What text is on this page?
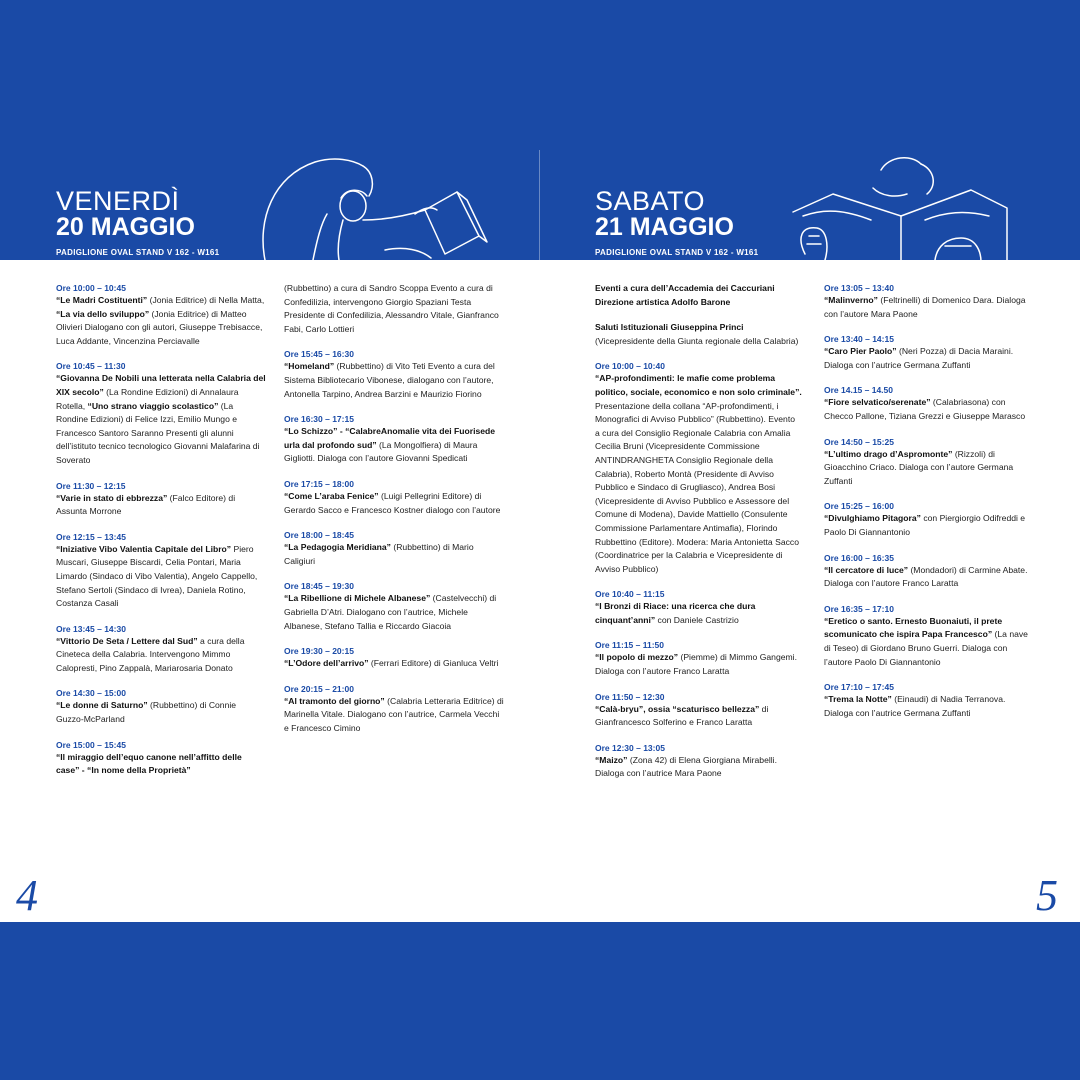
VENERDÌ
20 MAGGIO
PADIGLIONE OVAL STAND V 162 - W161
SABATO
21 MAGGIO
PADIGLIONE OVAL STAND V 162 - W161
Ore 10:00 – 10:45
“Le Madri Costituenti” (Jonia Editrice) di Nella Matta, “La via dello sviluppo” (Jonia Editrice) di Matteo Olivieri Dialogano con gli autori, Giuseppe Trebisacce, Luca Addante, Vincenzina Perciavalle
Ore 10:45 – 11:30
“Giovanna De Nobili una letterata nella Calabria del XIX secolo” (La Rondine Edizioni) di Annalaura Rotella, “Uno strano viaggio scolastico” (La Rondine Edizioni) di Felice Izzi, Emilio Mungo e Francesco Santoro Saranno Presenti gli alunni dell’istituto tecnico tecnologico Giovanni Malafarina di Soverato
Ore 11:30 – 12:15
“Varie in stato di ebbrezza” (Falco Editore) di Assunta Morrone
Ore 12:15 – 13:45
“Iniziative Vibo Valentia Capitale del Libro” Piero Muscari, Giuseppe Biscardi, Celia Pontari, Maria Limardo (Sindaco di Vibo Valentia), Angelo Cappello, Stefano Sertoli (Sindaco di Ivrea), Daniela Rotino, Costanza Casali
Ore 13:45 – 14:30
“Vittorio De Seta / Lettere dal Sud” a cura della Cineteca della Calabria. Intervengono Mimmo Calopresti, Pino Zappalà, Mariarosaria Donato
Ore 14:30 – 15:00
“Le donne di Saturno” (Rubbettino) di Connie Guzzo-McParland
Ore 15:00 – 15:45
“Il miraggio dell’equo canone nell’affitto delle case” - “In nome della Proprietà”
(Rubbettino) a cura di Sandro Scoppa Evento a cura di Confedilizia, intervengono Giorgio Spaziani Testa Presidente di Confedilizia, Alessandro Vitale, Gianfranco Fabi, Carlo Lottieri
Ore 15:45 – 16:30
“Homeland” (Rubbettino) di Vito Teti Evento a cura del Sistema Bibliotecario Vibonese, dialogano con l’autore, Antonella Tarpino, Andrea Barzini e Maurizio Fiorino
Ore 16:30 – 17:15
“Lo Schizzo” - “CalabreAnomalie vita dei Fuorisede urla dal profondo sud” (La Mongolfiera) di Maura Gigliotti. Dialoga con l’autore Giovanni Spedicati
Ore 17:15 – 18:00
“Come L’araba Fenice” (Luigi Pellegrini Editore) di Gerardo Sacco e Francesco Kostner dialogo con l’autore
Ore 18:00 – 18:45
“La Pedagogia Meridiana” (Rubbettino) di Mario Caligiuri
Ore 18:45 – 19:30
“La Ribellione di Michele Albanese” (Castelvecchi) di Gabriella D’Atri. Dialogano con l’autrice, Michele Albanese, Stefano Tallia e Riccardo Giacoia
Ore 19:30 – 20:15
“L’Odore dell’arrivo” (Ferrari Editore) di Gianluca Veltri
Ore 20:15 – 21:00
“Al tramonto del giorno” (Calabria Letteraria Editrice) di Marinella Vitale. Dialogano con l’autrice, Carmela Vecchi e Francesco Cimino
Eventi a cura dell’Accademia dei Caccuriani Direzione artistica Adolfo Barone
Saluti Istituzionali Giuseppina Princi (Vicepresidente della Giunta regionale della Calabria)
Ore 10:00 – 10:40
“AP-profondimenti: le mafie come problema politico, sociale, economico e non solo criminale”. Presentazione della collana “AP-profondimenti, i Monografici di Avviso Pubblico” (Rubbettino). Evento a cura del Consiglio Regionale Calabria con Amalia Cecilia Bruni (Vicepresidente Commissione ANTINDRANGHETA Consiglio Regionale della Calabria), Roberto Montà (Presidente di Avviso Pubblico e Sindaco di Grugliasco), Andrea Bosi (Vicepresidente di Avviso Pubblico e Assessore del Comune di Modena), Davide Mattiello (Consulente Commissione Parlamentare Antimafia), Florindo Rubbettino (Editore). Modera: Maria Antonietta Sacco (Coordinatrice per la Calabria e Vicepresidente di Avviso Pubblico)
Ore 10:40 – 11:15
“I Bronzi di Riace: una ricerca che dura cinquant’anni” con Daniele Castrizio
Ore 11:15 – 11:50
“Il popolo di mezzo” (Piemme) di Mimmo Gangemi. Dialoga con l’autore Franco Laratta
Ore 11:50 – 12:30
“Calà-bryu”, ossia “scaturisco bellezza” di Gianfrancesco Solferino e Franco Laratta
Ore 12:30 – 13:05
“Maizo” (Zona 42) di Elena Giorgiana Mirabelli. Dialoga con l’autrice Mara Paone
Ore 13:05 – 13:40
“Malinverno” (Feltrinelli) di Domenico Dara. Dialoga con l’autore Mara Paone
Ore 13:40 – 14:15
“Caro Pier Paolo” (Neri Pozza) di Dacia Maraini. Dialoga con l’autrice Germana Zuffanti
Ore 14.15 – 14.50
“Fiore selvatico/serenate” (Calabriasona) con Checco Pallone, Tiziana Grezzi e Giuseppe Marasco
Ore 14:50 – 15:25
“L’ultimo drago d’Aspromonte” (Rizzoli) di Gioacchino Criaco. Dialoga con l’autore Germana Zuffanti
Ore 15:25 – 16:00
“Divulghiamo Pitagora” con Piergiorgio Odifreddi e Paolo Di Giannantonio
Ore 16:00 – 16:35
“Il cercatore di luce” (Mondadori) di Carmine Abate. Dialoga con l’autore Franco Laratta
Ore 16:35 – 17:10
“Eretico o santo. Ernesto Buonaiuti, il prete scomunicato che ispira Papa Francesco” (La nave di Teseo) di Giordano Bruno Guerri. Dialoga con l’autore Paolo Di Giannantonio
Ore 17:10 – 17:45
“Trema la Notte” (Einaudi) di Nadia Terranova. Dialoga con l’autrice Germana Zuffanti
4	5
